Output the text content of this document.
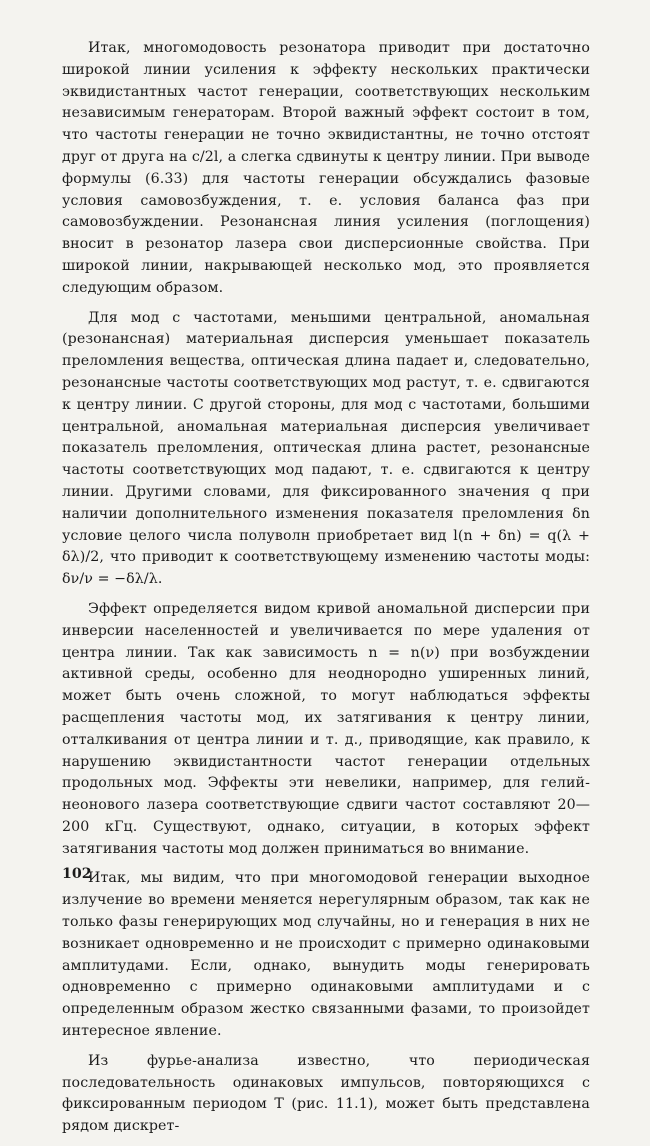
Итак, многомодовость резонатора приводит при достаточно широкой линии усиления к эффекту нескольких практически эквидистантных частот генерации, соответствующих нескольким независимым генераторам. Второй важный эффект состоит в том, что частоты генерации не точно эквидистантны, не точно отстоят друг от друга на c/2l, а слегка сдвинуты к центру линии. При выводе формулы (6.33) для частоты генерации обсуждались фазовые условия самовозбуждения, т. е. условия баланса фаз при самовозбуждении. Резонансная линия усиления (поглощения) вносит в резонатор лазера свои дисперсионные свойства. При широкой линии, накрывающей несколько мод, это проявляется следующим образом.

Для мод с частотами, меньшими центральной, аномальная (резонансная) материальная дисперсия уменьшает показатель преломления вещества, оптическая длина падает и, следовательно, резонансные частоты соответствующих мод растут, т. е. сдвигаются к центру линии. С другой стороны, для мод с частотами, большими центральной, аномальная материальная дисперсия увеличивает показатель преломления, оптическая длина растет, резонансные частоты соответствующих мод падают, т. е. сдвигаются к центру линии. Другими словами, для фиксированного значения q при наличии дополнительного изменения показателя преломления δn условие целого числа полуволн приобретает вид l(n + δn) = q(λ + δλ)/2, что приводит к соответствующему изменению частоты моды: δν/ν = −δλ/λ.

Эффект определяется видом кривой аномальной дисперсии при инверсии населенностей и увеличивается по мере удаления от центра линии. Так как зависимость n = n(ν) при возбуждении активной среды, особенно для неоднородно уширенных линий, может быть очень сложной, то могут наблюдаться эффекты расщепления частоты мод, их затягивания к центру линии, отталкивания от центра линии и т. д., приводящие, как правило, к нарушению эквидистантности частот генерации отдельных продольных мод. Эффекты эти невелики, например, для гелий-неонового лазера соответствующие сдвиги частот составляют 20—200 кГц. Существуют, однако, ситуации, в которых эффект затягивания частоты мод должен приниматься во внимание.

Итак, мы видим, что при многомодовой генерации выходное излучение во времени меняется нерегулярным образом, так как не только фазы генерирующих мод случайны, но и генерация в них не возникает одновременно и не происходит с примерно одинаковыми амплитудами. Если, однако, вынудить моды генерировать одновременно с примерно одинаковыми амплитудами и с определенным образом жестко связанными фазами, то произойдет интересное явление.

Из фурье-анализа известно, что периодическая последовательность одинаковых импульсов, повторяющихся с фиксированным периодом T (рис. 11.1), может быть представлена рядом дискрет-

102
